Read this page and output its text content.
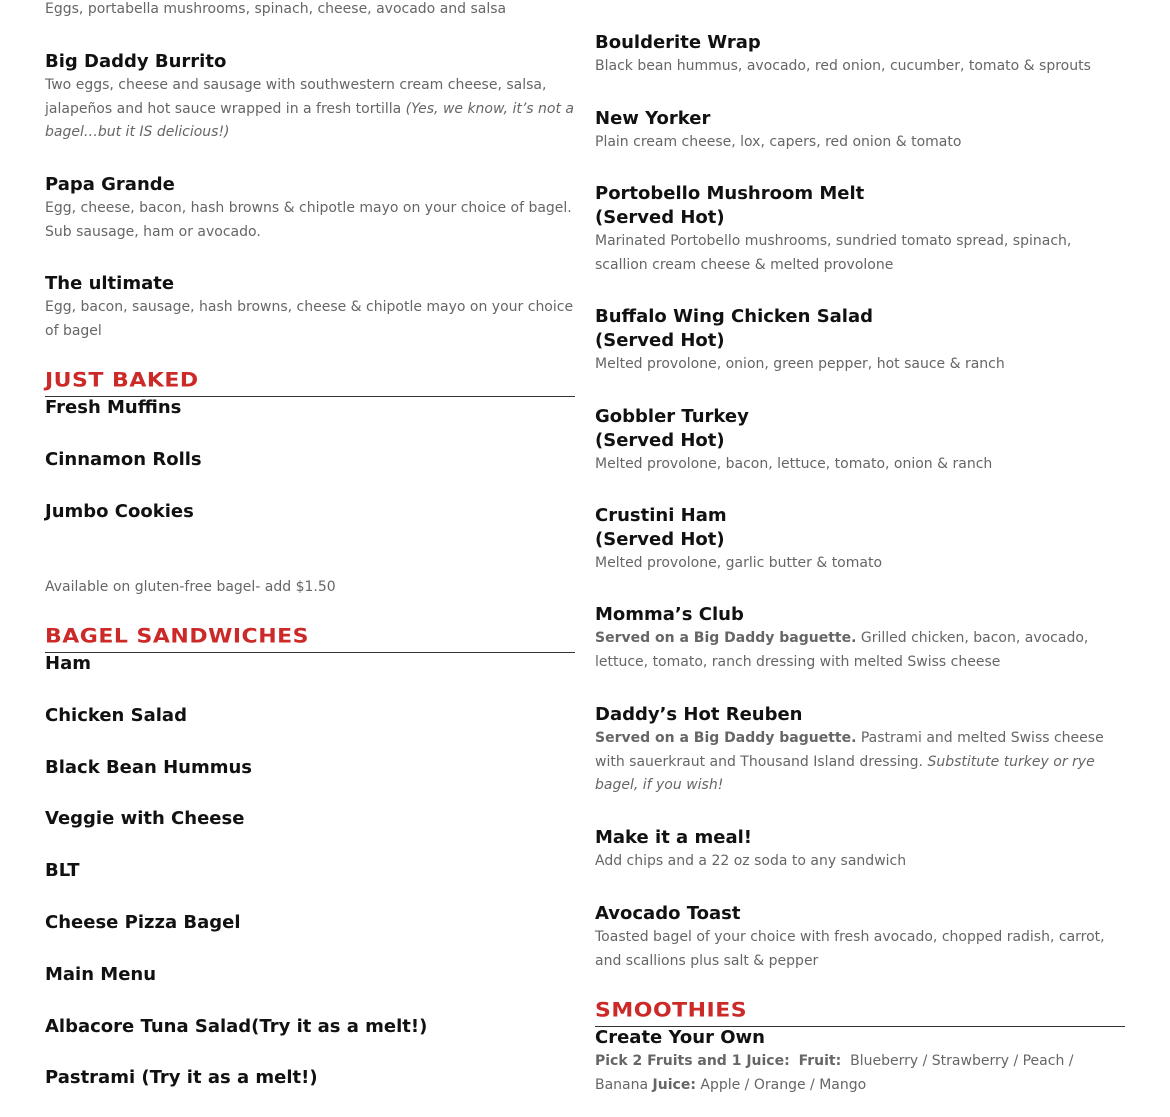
Eggs, portabella mushrooms, spinach, cheese, avocado and salsa
Big Daddy Burrito
Two eggs, cheese and sausage with southwestern cream cheese, salsa, jalapeños and hot sauce wrapped in a fresh tortilla (Yes, we know, it’s not a bagel…but it IS delicious!)
Papa Grande
Egg, cheese, bacon, hash browns & chipotle mayo on your choice of bagel. Sub sausage, ham or avocado.
The ultimate
Egg, bacon, sausage, hash browns, cheese & chipotle mayo on your choice of bagel
JUST BAKED
Fresh Muffins
Cinnamon Rolls
Jumbo Cookies
Available on gluten-free bagel- add $1.50
BAGEL SANDWICHES
Ham
Chicken Salad
Black Bean Hummus
Veggie with Cheese
BLT
Cheese Pizza Bagel
Main Menu
Albacore Tuna Salad(Try it as a melt!)
Pastrami (Try it as a melt!)
Boulderite Wrap
Black bean hummus, avocado, red onion, cucumber, tomato & sprouts
New Yorker
Plain cream cheese, lox, capers, red onion & tomato
Portobello Mushroom Melt
(Served Hot)
Marinated Portobello mushrooms, sundried tomato spread, spinach, scallion cream cheese & melted provolone
Buffalo Wing Chicken Salad
(Served Hot)
Melted provolone, onion, green pepper, hot sauce & ranch
Gobbler Turkey
(Served Hot)
Melted provolone, bacon, lettuce, tomato, onion & ranch
Crustini Ham
(Served Hot)
Melted provolone, garlic butter & tomato
Momma’s Club
Served on a Big Daddy baguette. Grilled chicken, bacon, avocado, lettuce, tomato, ranch dressing with melted Swiss cheese
Daddy’s Hot Reuben
Served on a Big Daddy baguette. Pastrami and melted Swiss cheese with sauerkraut and Thousand Island dressing. Substitute turkey or rye bagel, if you wish!
Make it a meal!
Add chips and a 22 oz soda to any sandwich
Avocado Toast
Toasted bagel of your choice with fresh avocado, chopped radish, carrot, and scallions plus salt & pepper
SMOOTHIES
Create Your Own
Pick 2 Fruits and 1 Juice: Fruit: Blueberry / Strawberry / Peach / Banana Juice: Apple / Orange / Mango
